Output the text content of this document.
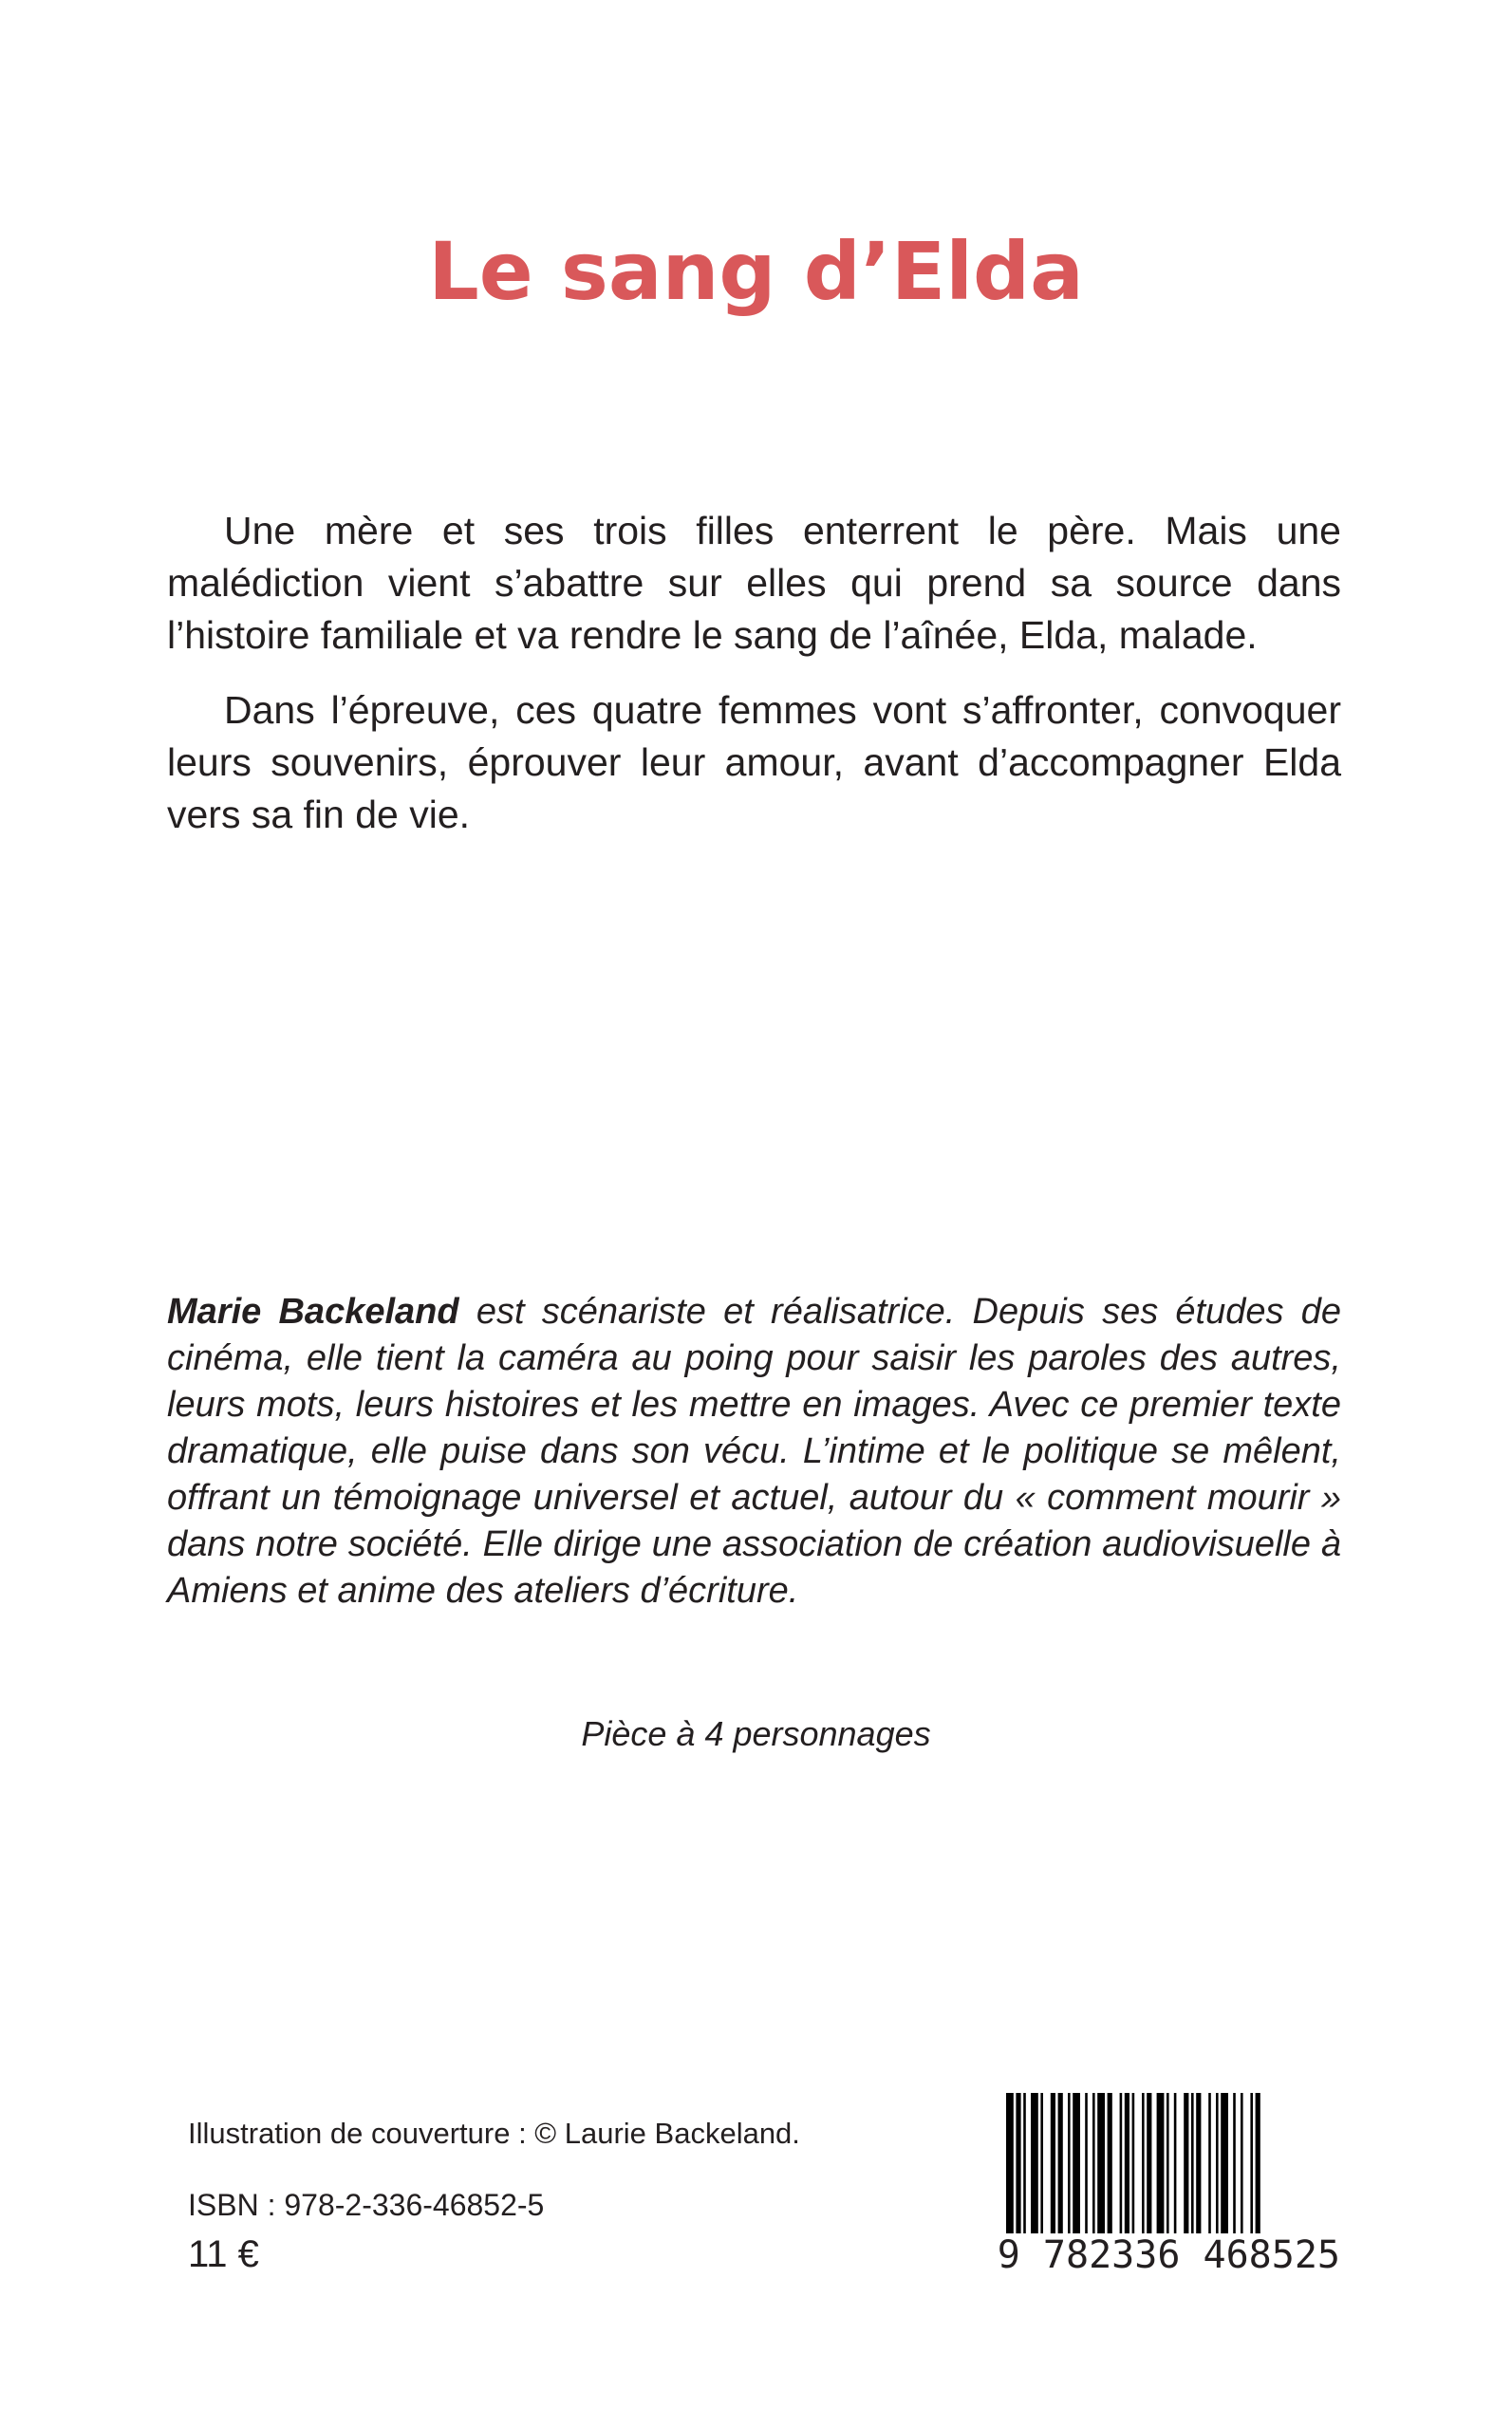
Le sang d’Elda

Une mère et ses trois filles enterrent le père. Mais une malédiction vient s’abattre sur elles qui prend sa source dans l’histoire familiale et va rendre le sang de l’aînée, Elda, malade.

Dans l’épreuve, ces quatre femmes vont s’affronter, convoquer leurs souvenirs, éprouver leur amour, avant d’accompagner Elda vers sa fin de vie.

Marie Backeland est scénariste et réalisatrice. Depuis ses études de cinéma, elle tient la caméra au poing pour saisir les paroles des autres, leurs mots, leurs histoires et les mettre en images. Avec ce premier texte dramatique, elle puise dans son vécu. L’intime et le politique se mêlent, offrant un témoignage universel et actuel, autour du « comment mourir » dans notre société. Elle dirige une association de création audiovisuelle à Amiens et anime des ateliers d’écriture.

Pièce à 4 personnages
Illustration de couverture : © Laurie Backeland.
ISBN : 978-2-336-46852-5
11 €	9 782336 468525
